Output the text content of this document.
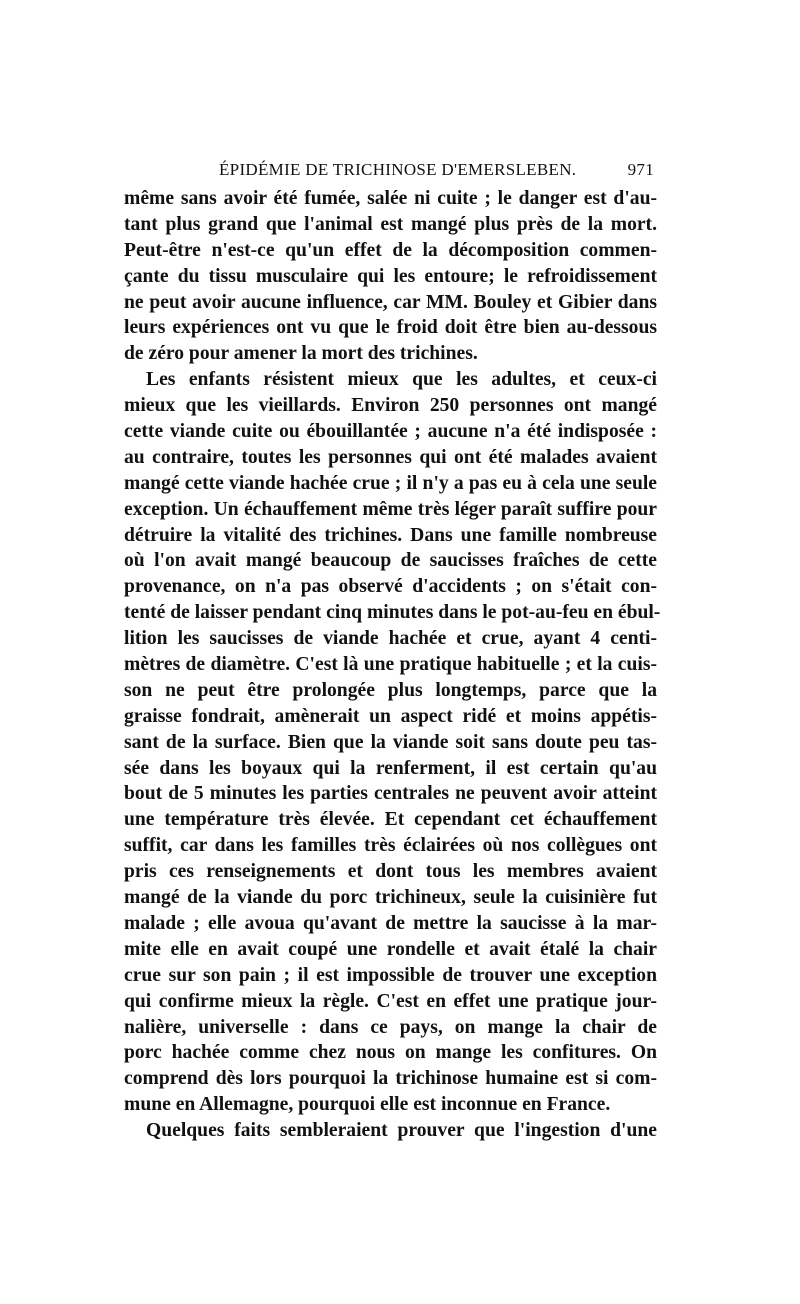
ÉPIDÉMIE DE TRICHINOSE D'EMERSLEBEN.	971
même sans avoir été fumée, salée ni cuite ; le danger est d'au-
tant plus grand que l'animal est mangé plus près de la mort.
Peut-être n'est-ce qu'un effet de la décomposition commen-
çante du tissu musculaire qui les entoure; le refroidissement
ne peut avoir aucune influence, car MM. Bouley et Gibier dans
leurs expériences ont vu que le froid doit être bien au-dessous
de zéro pour amener la mort des trichines.
Les enfants résistent mieux que les adultes, et ceux-ci
mieux que les vieillards. Environ 250 personnes ont mangé
cette viande cuite ou ébouillantée ; aucune n'a été indisposée :
au contraire, toutes les personnes qui ont été malades avaient
mangé cette viande hachée crue ; il n'y a pas eu à cela une seule
exception. Un échauffement même très léger paraît suffire pour
détruire la vitalité des trichines. Dans une famille nombreuse
où l'on avait mangé beaucoup de saucisses fraîches de cette
provenance, on n'a pas observé d'accidents ; on s'était con-
tenté de laisser pendant cinq minutes dans le pot-au-feu en ébul-
lition les saucisses de viande hachée et crue, ayant 4 centi-
mètres de diamètre. C'est là une pratique habituelle ; et la cuis-
son ne peut être prolongée plus longtemps, parce que la
graisse fondrait, amènerait un aspect ridé et moins appétis-
sant de la surface. Bien que la viande soit sans doute peu tas-
sée dans les boyaux qui la renferment, il est certain qu'au
bout de 5 minutes les parties centrales ne peuvent avoir atteint
une température très élevée. Et cependant cet échauffement
suffit, car dans les familles très éclairées où nos collègues ont
pris ces renseignements et dont tous les membres avaient
mangé de la viande du porc trichineux, seule la cuisinière fut
malade ; elle avoua qu'avant de mettre la saucisse à la mar-
mite elle en avait coupé une rondelle et avait étalé la chair
crue sur son pain ; il est impossible de trouver une exception
qui confirme mieux la règle. C'est en effet une pratique jour-
nalière, universelle : dans ce pays, on mange la chair de
porc hachée comme chez nous on mange les confitures. On
comprend dès lors pourquoi la trichinose humaine est si com-
mune en Allemagne, pourquoi elle est inconnue en France.
Quelques faits sembleraient prouver que l'ingestion d'une
